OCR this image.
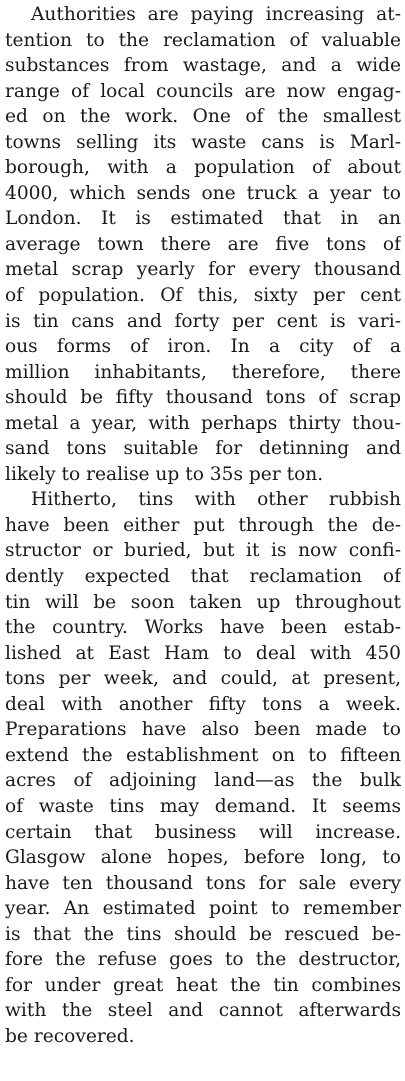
Authorities are paying increasing at-
tention to the reclamation of valuable
substances from wastage, and a wide
range of local councils are now engag-
ed on the work. One of the smallest
towns selling its waste cans is Marl-
borough, with a population of about
4000, which sends one truck a year to
London. It is estimated that in an
average town there are five tons of
metal scrap yearly for every thousand
of population. Of this, sixty per cent
is tin cans and forty per cent is vari-
ous forms of iron. In a city of a
million inhabitants, therefore, there
should be fifty thousand tons of scrap
metal a year, with perhaps thirty thou-
sand tons suitable for detinning and
likely to realise up to 35s per ton.

Hitherto, tins with other rubbish
have been either put through the de-
structor or buried, but it is now confi-
dently expected that reclamation of
tin will be soon taken up throughout
the country. Works have been estab-
lished at East Ham to deal with 450
tons per week, and could, at present,
deal with another fifty tons a week.
Preparations have also been made to
extend the establishment on to fifteen
acres of adjoining land—as the bulk
of waste tins may demand. It seems
certain that business will increase.
Glasgow alone hopes, before long, to
have ten thousand tons for sale every
year. An estimated point to remember
is that the tins should be rescued be-
fore the refuse goes to the destructor,
for under great heat the tin combines
with the steel and cannot afterwards
be recovered.
